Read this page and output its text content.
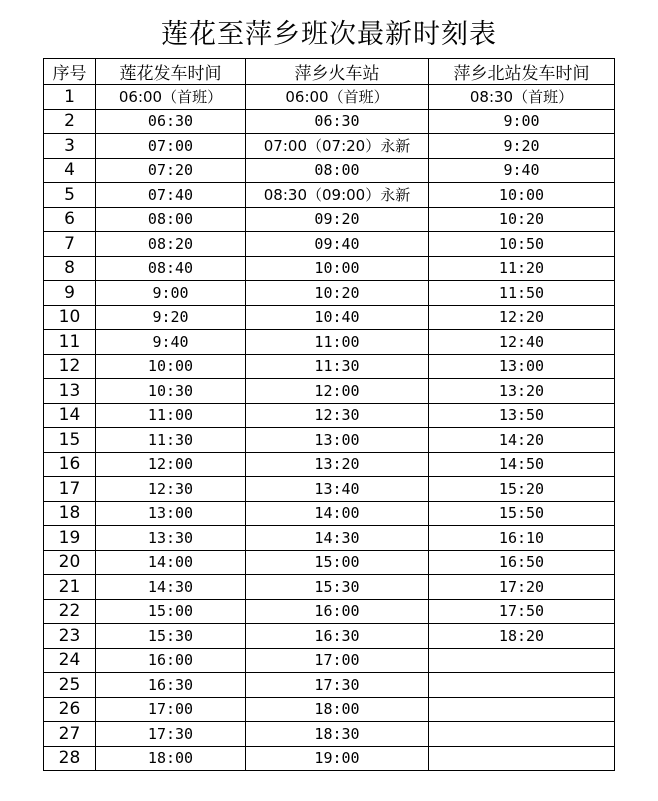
莲花至萍乡班次最新时刻表
序号	莲花发车时间	萍乡火车站	萍乡北站发车时间
1	06:00（首班）	06:00（首班）	08:30（首班）
2	06:30	06:30	9:00
3	07:00	07:00（07:20）永新	9:20
4	07:20	08:00	9:40
5	07:40	08:30（09:00）永新	10:00
6	08:00	09:20	10:20
7	08:20	09:40	10:50
8	08:40	10:00	11:20
9	9:00	10:20	11:50
10	9:20	10:40	12:20
11	9:40	11:00	12:40
12	10:00	11:30	13:00
13	10:30	12:00	13:20
14	11:00	12:30	13:50
15	11:30	13:00	14:20
16	12:00	13:20	14:50
17	12:30	13:40	15:20
18	13:00	14:00	15:50
19	13:30	14:30	16:10
20	14:00	15:00	16:50
21	14:30	15:30	17:20
22	15:00	16:00	17:50
23	15:30	16:30	18:20
24	16:00	17:00	
25	16:30	17:30	
26	17:00	18:00	
27	17:30	18:30	
28	18:00	19:00	
